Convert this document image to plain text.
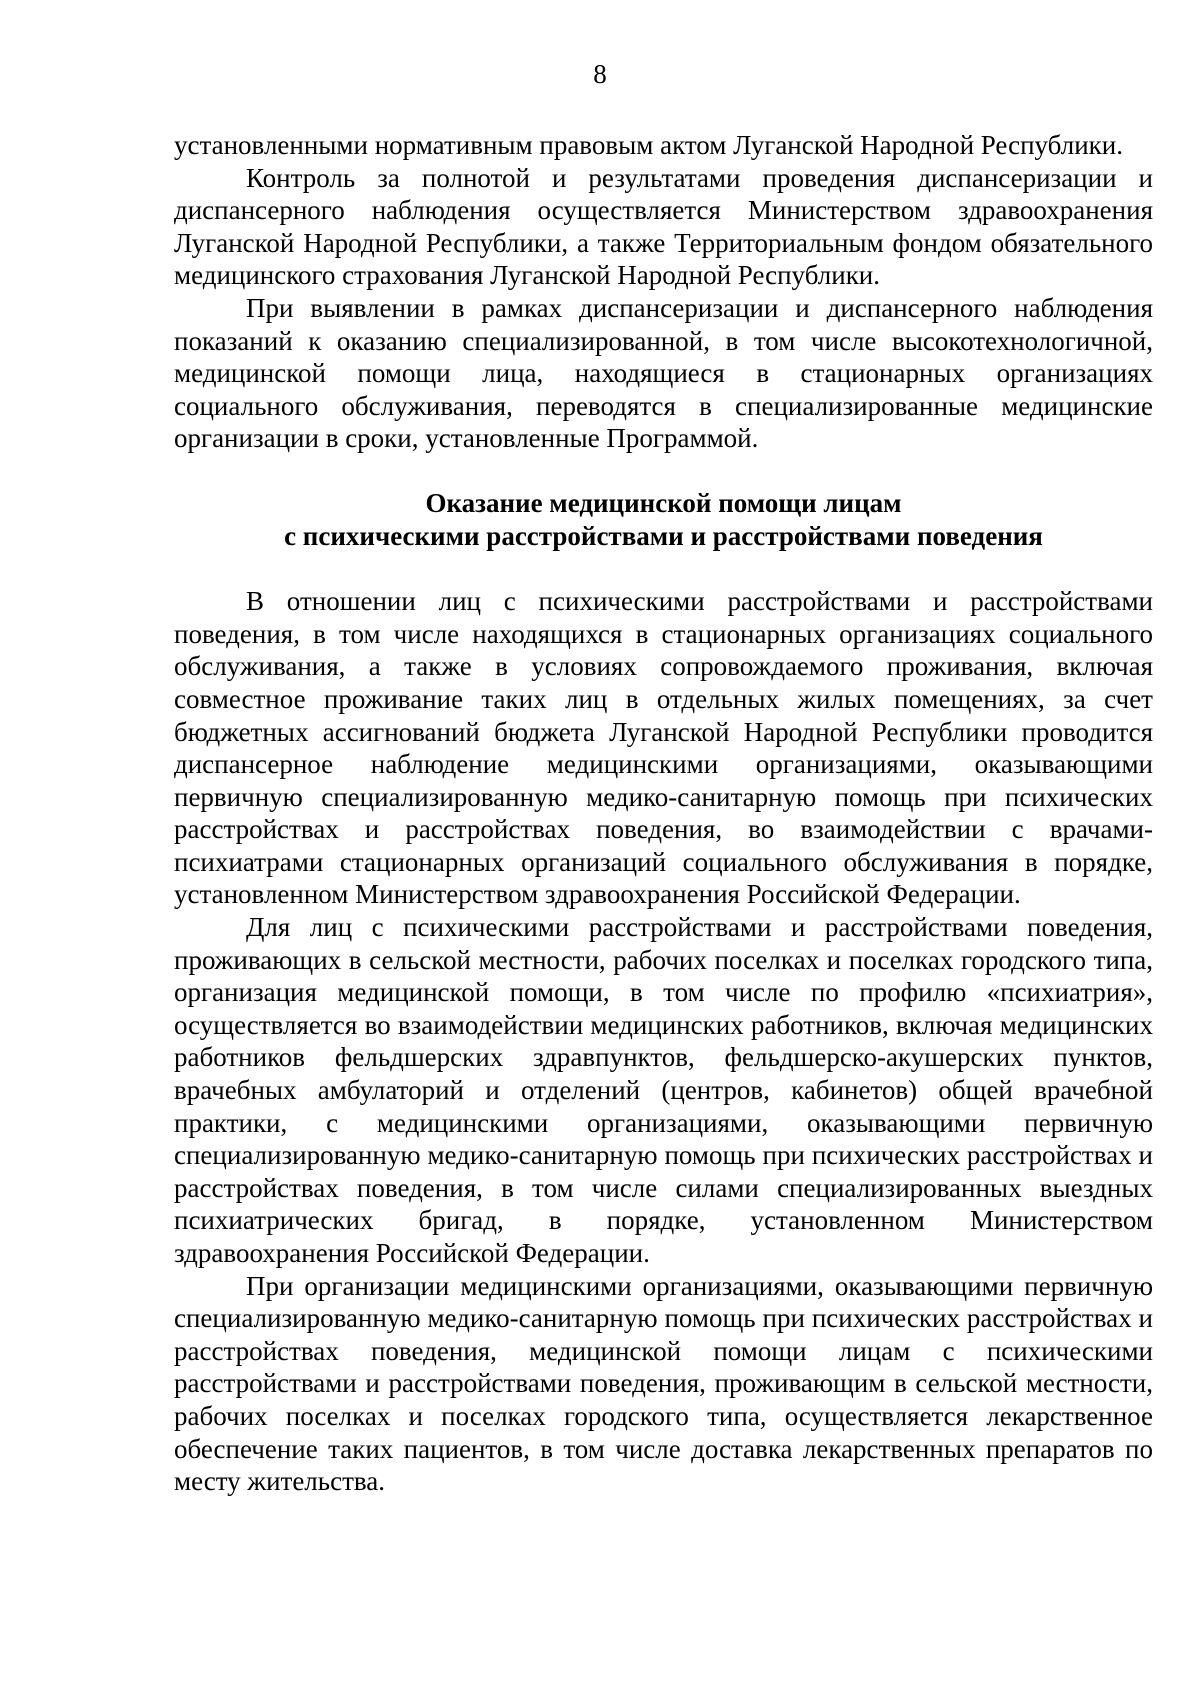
8

установленными нормативным правовым актом Луганской Народной Республики.

Контроль за полнотой и результатами проведения диспансеризации и диспансерного наблюдения осуществляется Министерством здравоохранения Луганской Народной Республики, а также Территориальным фондом обязательного медицинского страхования Луганской Народной Республики.

При выявлении в рамках диспансеризации и диспансерного наблюдения показаний к оказанию специализированной, в том числе высокотехнологичной, медицинской помощи лица, находящиеся в стационарных организациях социального обслуживания, переводятся в специализированные медицинские организации в сроки, установленные Программой.

Оказание медицинской помощи лицам
с психическими расстройствами и расстройствами поведения

В отношении лиц с психическими расстройствами и расстройствами поведения, в том числе находящихся в стационарных организациях социального обслуживания, а также в условиях сопровождаемого проживания, включая совместное проживание таких лиц в отдельных жилых помещениях, за счет бюджетных ассигнований бюджета Луганской Народной Республики проводится диспансерное наблюдение медицинскими организациями, оказывающими первичную специализированную медико-санитарную помощь при психических расстройствах и расстройствах поведения, во взаимодействии с врачами-психиатрами стационарных организаций социального обслуживания в порядке, установленном Министерством здравоохранения Российской Федерации.

Для лиц с психическими расстройствами и расстройствами поведения, проживающих в сельской местности, рабочих поселках и поселках городского типа, организация медицинской помощи, в том числе по профилю «психиатрия», осуществляется во взаимодействии медицинских работников, включая медицинских работников фельдшерских здравпунктов, фельдшерско-акушерских пунктов, врачебных амбулаторий и отделений (центров, кабинетов) общей врачебной практики, с медицинскими организациями, оказывающими первичную специализированную медико-санитарную помощь при психических расстройствах и расстройствах поведения, в том числе силами специализированных выездных психиатрических бригад, в порядке, установленном Министерством здравоохранения Российской Федерации.

При организации медицинскими организациями, оказывающими первичную специализированную медико-санитарную помощь при психических расстройствах и расстройствах поведения, медицинской помощи лицам с психическими расстройствами и расстройствами поведения, проживающим в сельской местности, рабочих поселках и поселках городского типа, осуществляется лекарственное обеспечение таких пациентов, в том числе доставка лекарственных препаратов по месту жительства.
